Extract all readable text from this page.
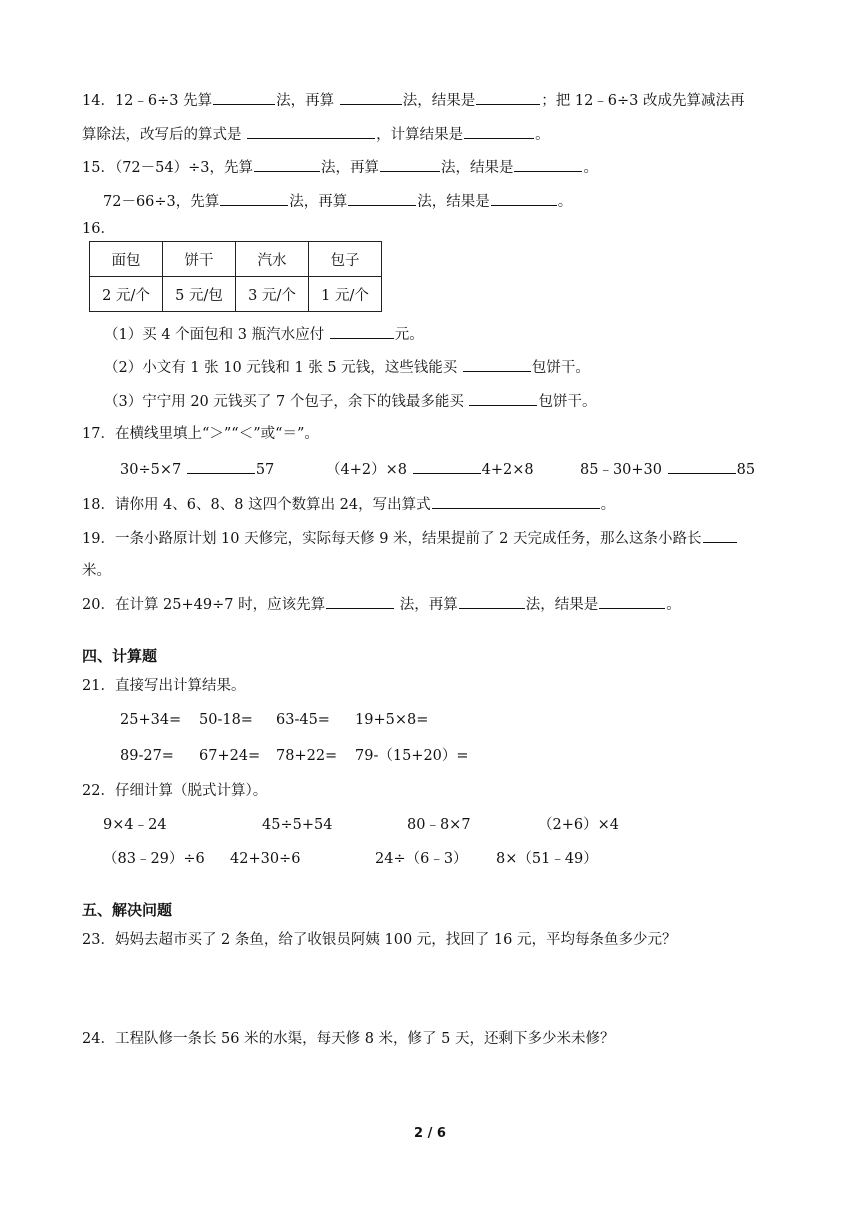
14．12﹣6÷3 先算	法，再算	法，结果是	；把 12﹣6÷3 改成先算减法再
算除法，改写后的算式是	，计算结果是	。
15．（72－54）÷3，先算	法，再算	法，结果是	。
72－66÷3，先算	法，再算	法，结果是	。
16．
面包	饼干	汽水	包子
2 元/个	5 元/包	3 元/个	1 元/个
（1）买 4 个面包和 3 瓶汽水应付	元。
（2）小文有 1 张 10 元钱和 1 张 5 元钱，这些钱能买	包饼干。
（3）宁宁用 20 元钱买了 7 个包子，余下的钱最多能买	包饼干。
17．在横线里填上“＞”“＜”或“＝”。
30÷5×7	57	（4+2）×8	4+2×8	85﹣30+30	85
18．请你用 4、6、8、8 这四个数算出 24，写出算式	。
19．一条小路原计划 10 天修完，实际每天修 9 米，结果提前了 2 天完成任务，那么这条小路长
米。
20．在计算 25+49÷7 时，应该先算	法，再算	法，结果是	。
四、计算题
21．直接写出计算结果。
25+34= 50-18= 63-45= 19+5×8=
89-27= 67+24= 78+22= 79-（15+20）=
22．仔细计算（脱式计算）。
9×4﹣24	45÷5+54	80﹣8×7	（2+6）×4
（83﹣29）÷6 42+30÷6	24÷（6﹣3） 8×（51﹣49）
五、解决问题
23．妈妈去超市买了 2 条鱼，给了收银员阿姨 100 元，找回了 16 元，平均每条鱼多少元？
24．工程队修一条长 56 米的水渠，每天修 8 米，修了 5 天，还剩下多少米未修？
2 / 6
